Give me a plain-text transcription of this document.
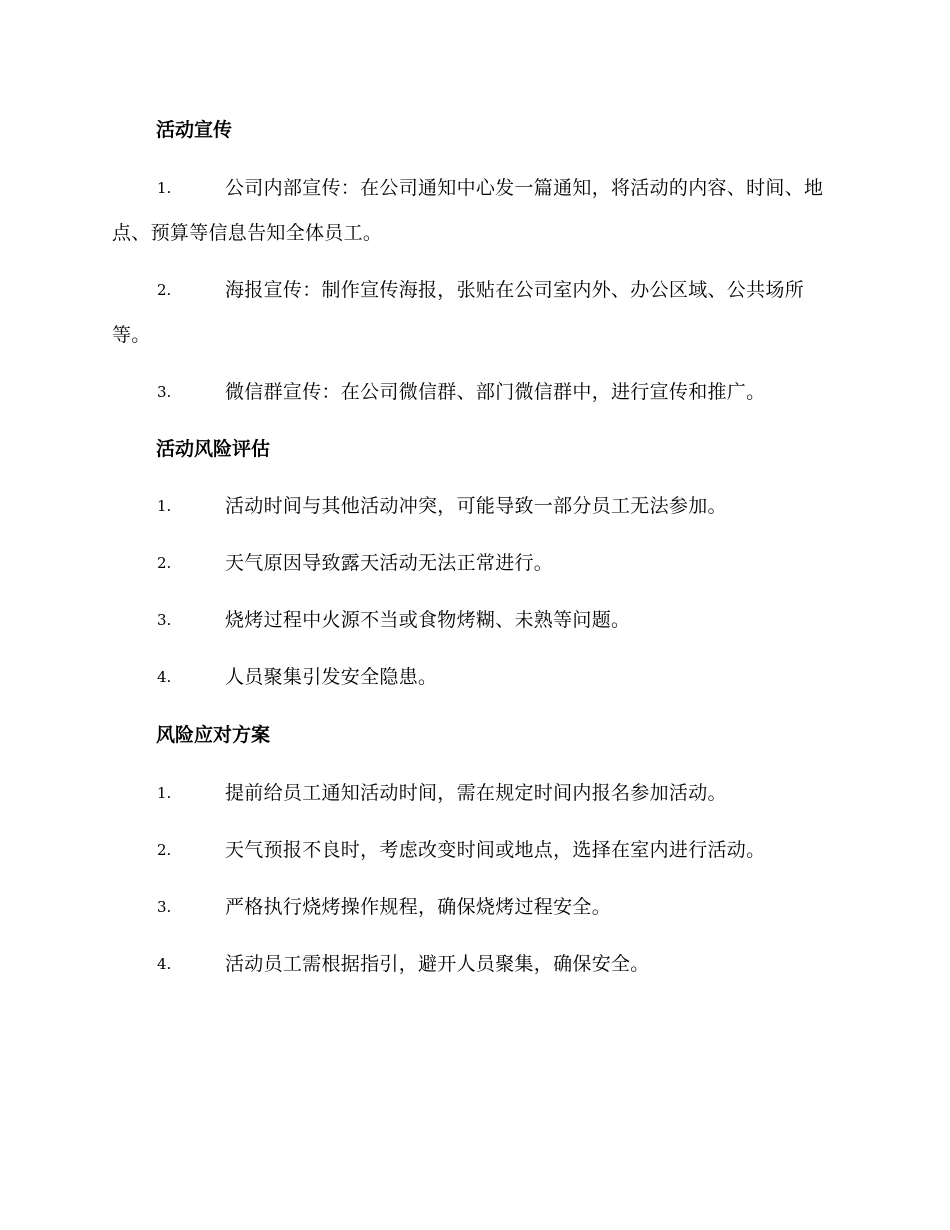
活动宣传
1.	公司内部宣传：在公司通知中心发一篇通知，将活动的内容、时间、地点、预算等信息告知全体员工。
2.	海报宣传：制作宣传海报，张贴在公司室内外、办公区域、公共场所等。
3.	微信群宣传：在公司微信群、部门微信群中，进行宣传和推广。
活动风险评估
1.	活动时间与其他活动冲突，可能导致一部分员工无法参加。
2.	天气原因导致露天活动无法正常进行。
3.	烧烤过程中火源不当或食物烤糊、未熟等问题。
4.	人员聚集引发安全隐患。
风险应对方案
1.	提前给员工通知活动时间，需在规定时间内报名参加活动。
2.	天气预报不良时，考虑改变时间或地点，选择在室内进行活动。
3.	严格执行烧烤操作规程，确保烧烤过程安全。
4.	活动员工需根据指引，避开人员聚集，确保安全。
